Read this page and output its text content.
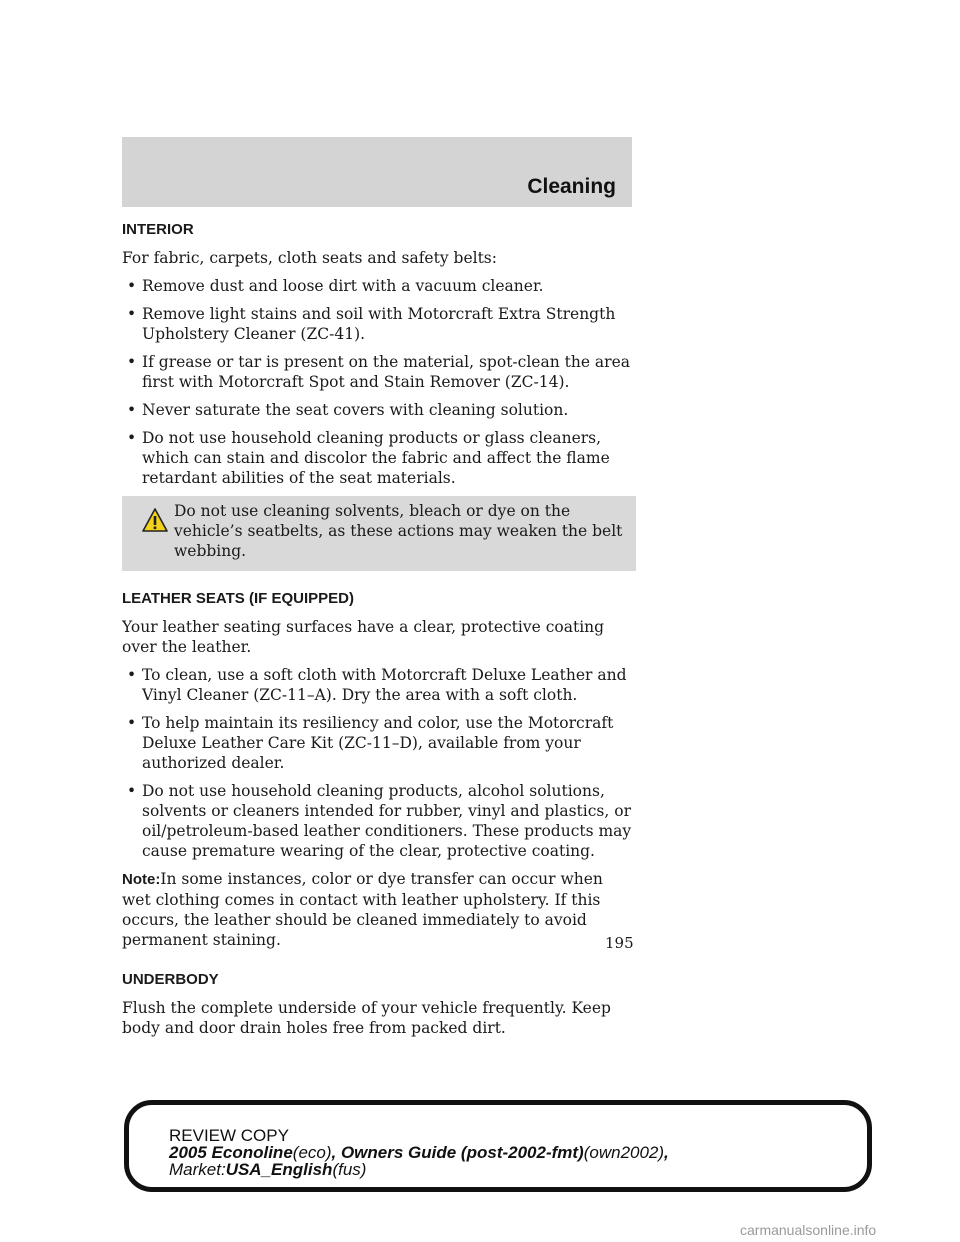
Cleaning
INTERIOR

For fabric, carpets, cloth seats and safety belts:

• Remove dust and loose dirt with a vacuum cleaner.
• Remove light stains and soil with Motorcraft Extra Strength Upholstery Cleaner (ZC-41).
• If grease or tar is present on the material, spot-clean the area first with Motorcraft Spot and Stain Remover (ZC-14).
• Never saturate the seat covers with cleaning solution.
• Do not use household cleaning products or glass cleaners, which can stain and discolor the fabric and affect the flame retardant abilities of the seat materials.
Do not use cleaning solvents, bleach or dye on the vehicle’s seatbelts, as these actions may weaken the belt webbing.
LEATHER SEATS (IF EQUIPPED)

Your leather seating surfaces have a clear, protective coating over the leather.

• To clean, use a soft cloth with Motorcraft Deluxe Leather and Vinyl Cleaner (ZC-11–A). Dry the area with a soft cloth.
• To help maintain its resiliency and color, use the Motorcraft Deluxe Leather Care Kit (ZC-11–D), available from your authorized dealer.
• Do not use household cleaning products, alcohol solutions, solvents or cleaners intended for rubber, vinyl and plastics, or oil/petroleum-based leather conditioners. These products may cause premature wearing of the clear, protective coating.

Note:In some instances, color or dye transfer can occur when wet clothing comes in contact with leather upholstery. If this occurs, the leather should be cleaned immediately to avoid permanent staining.

UNDERBODY

Flush the complete underside of your vehicle frequently. Keep body and door drain holes free from packed dirt.

195
REVIEW COPY
2005 Econoline(eco), Owners Guide (post-2002-fmt)(own2002),
Market:USA_English(fus)
carmanualsonline.info
